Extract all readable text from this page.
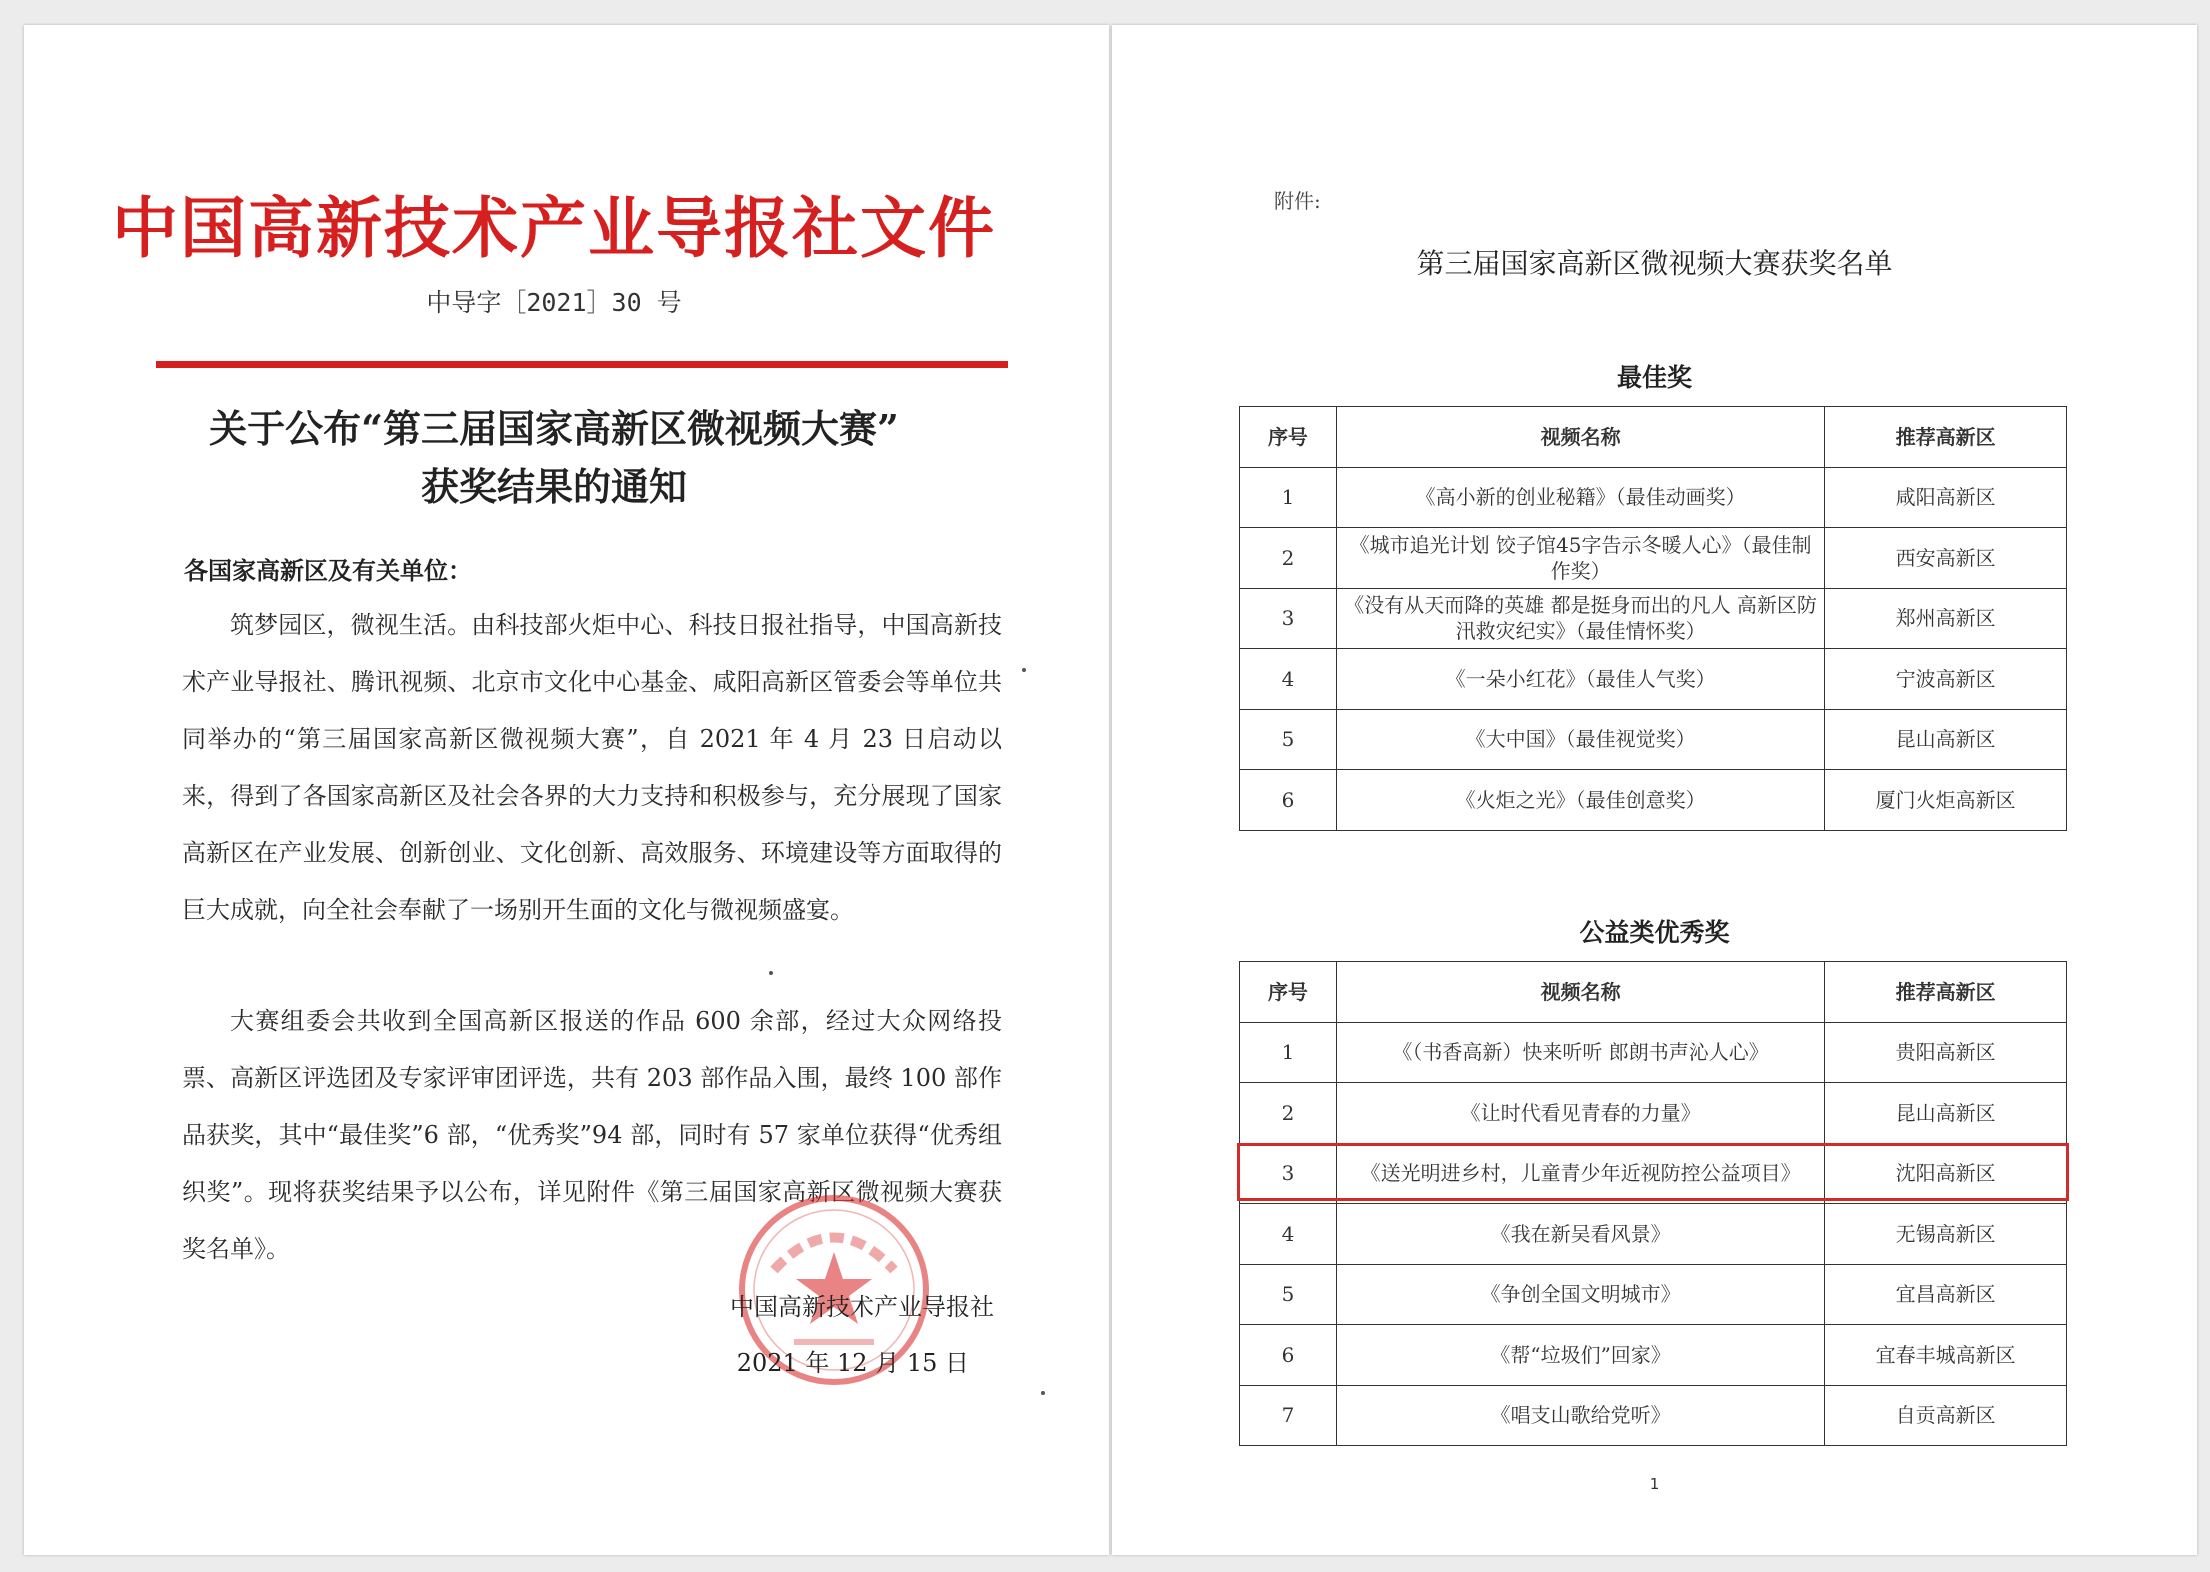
中国高新技术产业导报社文件
中导字［2021］30 号
关于公布“第三届国家高新区微视频大赛”
获奖结果的通知
各国家高新区及有关单位：
筑梦园区，微视生活。由科技部火炬中心、科技日报社指导，中国高新技术产业导报社、腾讯视频、北京市文化中心基金、咸阳高新区管委会等单位共同举办的“第三届国家高新区微视频大赛”，自 2021 年 4 月 23 日启动以来，得到了各国家高新区及社会各界的大力支持和积极参与，充分展现了国家高新区在产业发展、创新创业、文化创新、高效服务、环境建设等方面取得的巨大成就，向全社会奉献了一场别开生面的文化与微视频盛宴。
大赛组委会共收到全国高新区报送的作品 600 余部，经过大众网络投票、高新区评选团及专家评审团评选，共有 203 部作品入围，最终 100 部作品获奖，其中“最佳奖”6 部，“优秀奖”94 部，同时有 57 家单位获得“优秀组织奖”。现将获奖结果予以公布，详见附件《第三届国家高新区微视频大赛获奖名单》。
中国高新技术产业导报社
2021 年 12 月 15 日
附件:
第三届国家高新区微视频大赛获奖名单
最佳奖
序号	视频名称	推荐高新区
1	《高小新的创业秘籍》（最佳动画奖）	咸阳高新区
2	《城市追光计划 饺子馆45字告示冬暖人心》（最佳制作奖）	西安高新区
3	《没有从天而降的英雄 都是挺身而出的凡人 高新区防汛救灾纪实》（最佳情怀奖）	郑州高新区
4	《一朵小红花》（最佳人气奖）	宁波高新区
5	《大中国》（最佳视觉奖）	昆山高新区
6	《火炬之光》（最佳创意奖）	厦门火炬高新区
公益类优秀奖
序号	视频名称	推荐高新区
1	《（书香高新）快来听听 郎朗书声沁人心》	贵阳高新区
2	《让时代看见青春的力量》	昆山高新区
3	《送光明进乡村，儿童青少年近视防控公益项目》	沈阳高新区
4	《我在新吴看风景》	无锡高新区
5	《争创全国文明城市》	宜昌高新区
6	《帮“垃圾们”回家》	宜春丰城高新区
7	《唱支山歌给党听》	自贡高新区
1
